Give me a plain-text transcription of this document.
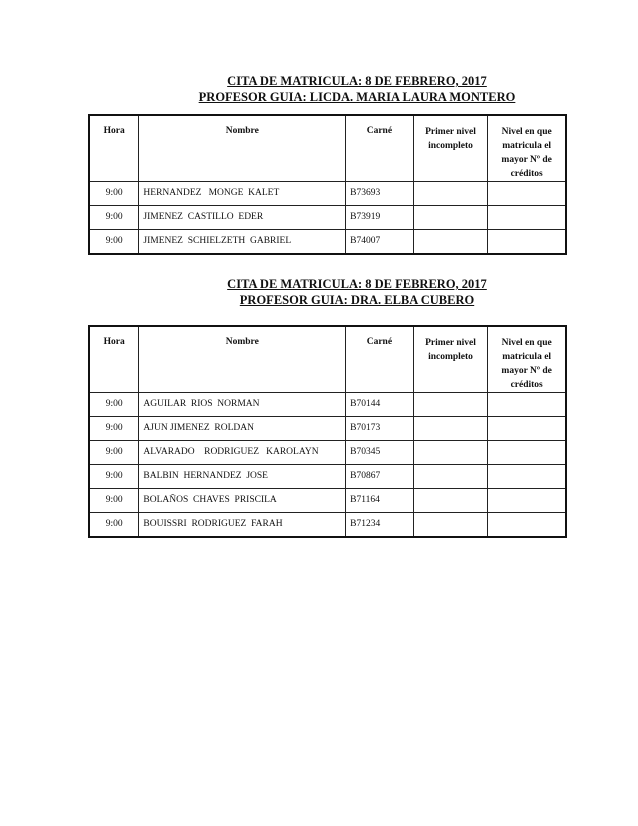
CITA DE MATRICULA: 8 DE FEBRERO, 2017
PROFESOR GUIA: LICDA. MARIA LAURA MONTERO
Hora	Nombre	Carné	Primer nivel incompleto	Nivel en que matricula el mayor Nº de créditos
9:00	HERNANDEZ   MONGE  KALET	B73693		
9:00	JIMENEZ  CASTILLO  EDER	B73919		
9:00	JIMENEZ  SCHIELZETH  GABRIEL	B74007		
CITA DE MATRICULA: 8 DE FEBRERO, 2017
PROFESOR GUIA: DRA. ELBA CUBERO
Hora	Nombre	Carné	Primer nivel incompleto	Nivel en que matricula el mayor Nº de créditos
9:00	AGUILAR  RIOS  NORMAN	B70144		
9:00	AJUN JIMENEZ  ROLDAN	B70173		
9:00	ALVARADO    RODRIGUEZ   KAROLAYN	B70345		
9:00	BALBIN  HERNANDEZ  JOSE	B70867		
9:00	BOLAÑOS  CHAVES  PRISCILA	B71164		
9:00	BOUISSRI  RODRIGUEZ  FARAH	B71234		
